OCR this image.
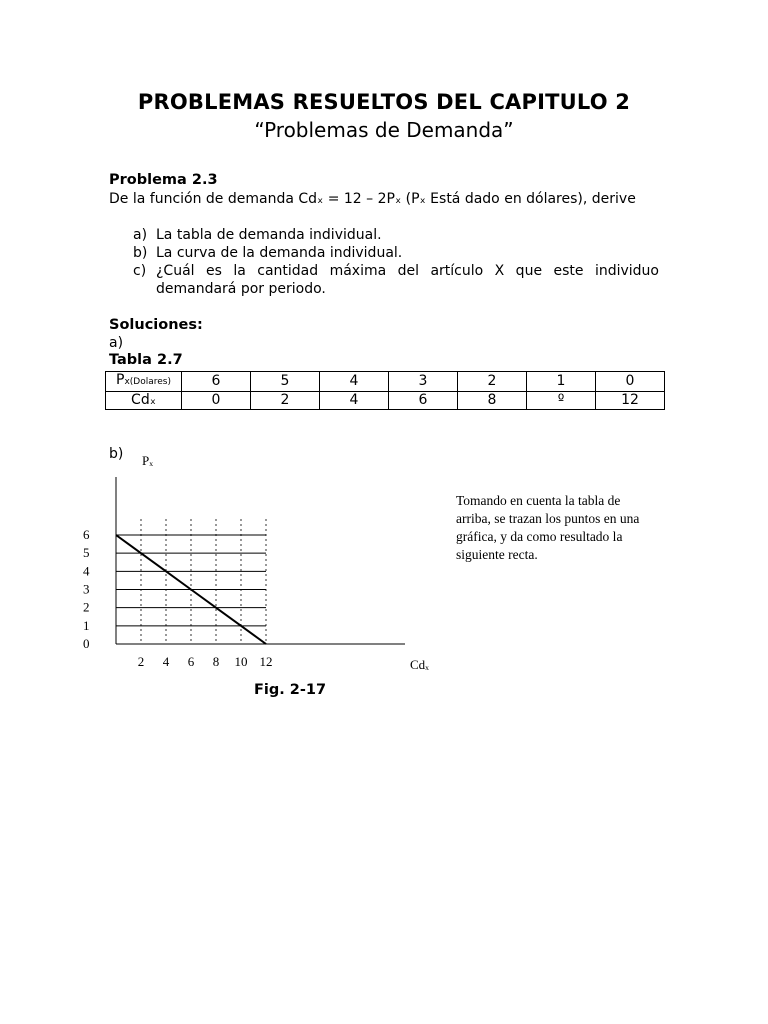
PROBLEMAS RESUELTOS DEL CAPITULO 2
“Problemas de Demanda”
Problema 2.3
De la función de demanda Cdₓ = 12 – 2Pₓ (Pₓ Está dado en dólares), derive
a) La tabla de demanda individual.
b) La curva de la demanda individual.
c) ¿Cuál es la cantidad máxima del artículo X que este individuo demandará por periodo.
Soluciones:
a)
Tabla 2.7
Px(Dolares)	6	5	4	3	2	1	0
Cdₓ	0	2	4	6	8	º	12
b)
6
5
4
3
2
1
0
2 4 6 8 10 12
Pₓ
Cdₓ
Tomando en cuenta la tabla de arriba, se trazan los puntos en una gráfica, y da como resultado la siguiente recta.
Fig. 2-17
